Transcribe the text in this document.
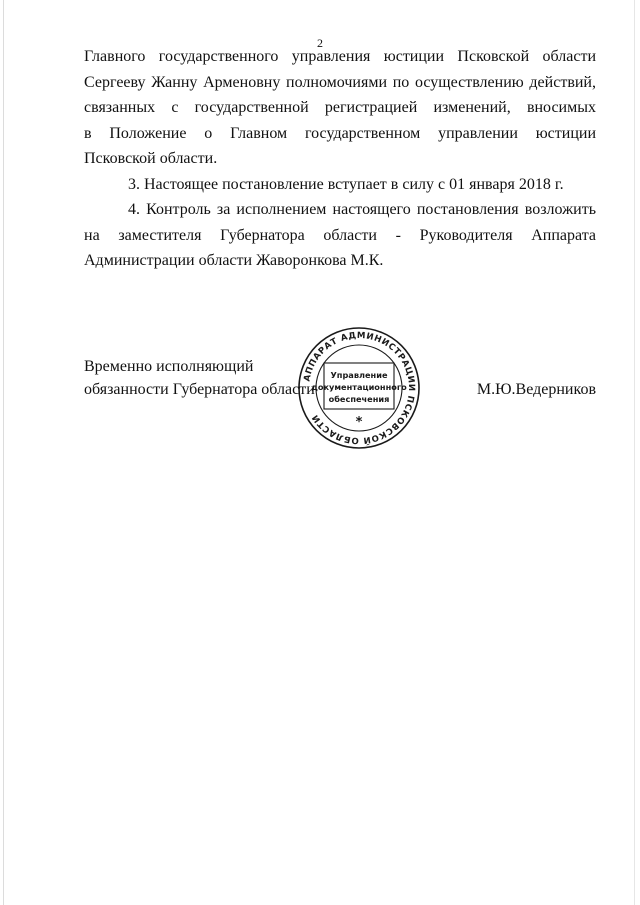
2
Главного государственного управления юстиции Псковской области
Сергееву Жанну Арменовну полномочиями по осуществлению действий,
связанных с государственной регистрацией изменений, вносимых
в Положение о Главном государственном управлении юстиции
Псковской области.
3. Настоящее постановление вступает в силу с 01 января 2018 г.
4. Контроль за исполнением настоящего постановления возложить
на заместителя Губернатора области - Руководителя Аппарата
Администрации области Жаворонкова М.К.
Временно исполняющий
обязанности Губернатора области	М.Ю.Ведерников
АППАРАТ АДМИНИСТРАЦИИ ПСКОВСКОЙ ОБЛАСТИ
Управление
документационного
обеспечения
*
